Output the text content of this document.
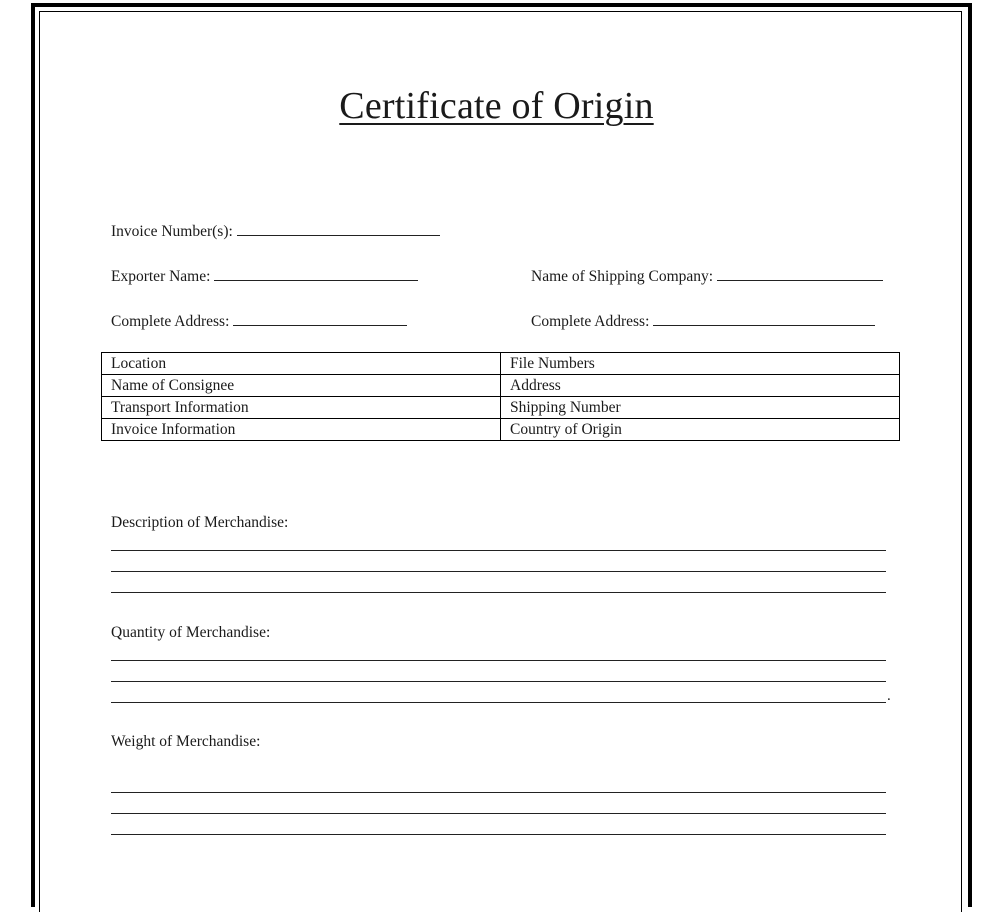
Certificate of Origin
Invoice Number(s):
Exporter Name:	Name of Shipping Company:
Complete Address:	Complete Address:
Location	File Numbers
Name of Consignee	Address
Transport Information	Shipping Number
Invoice Information	Country of Origin
Description of Merchandise:
Quantity of Merchandise:
.
Weight of Merchandise:
